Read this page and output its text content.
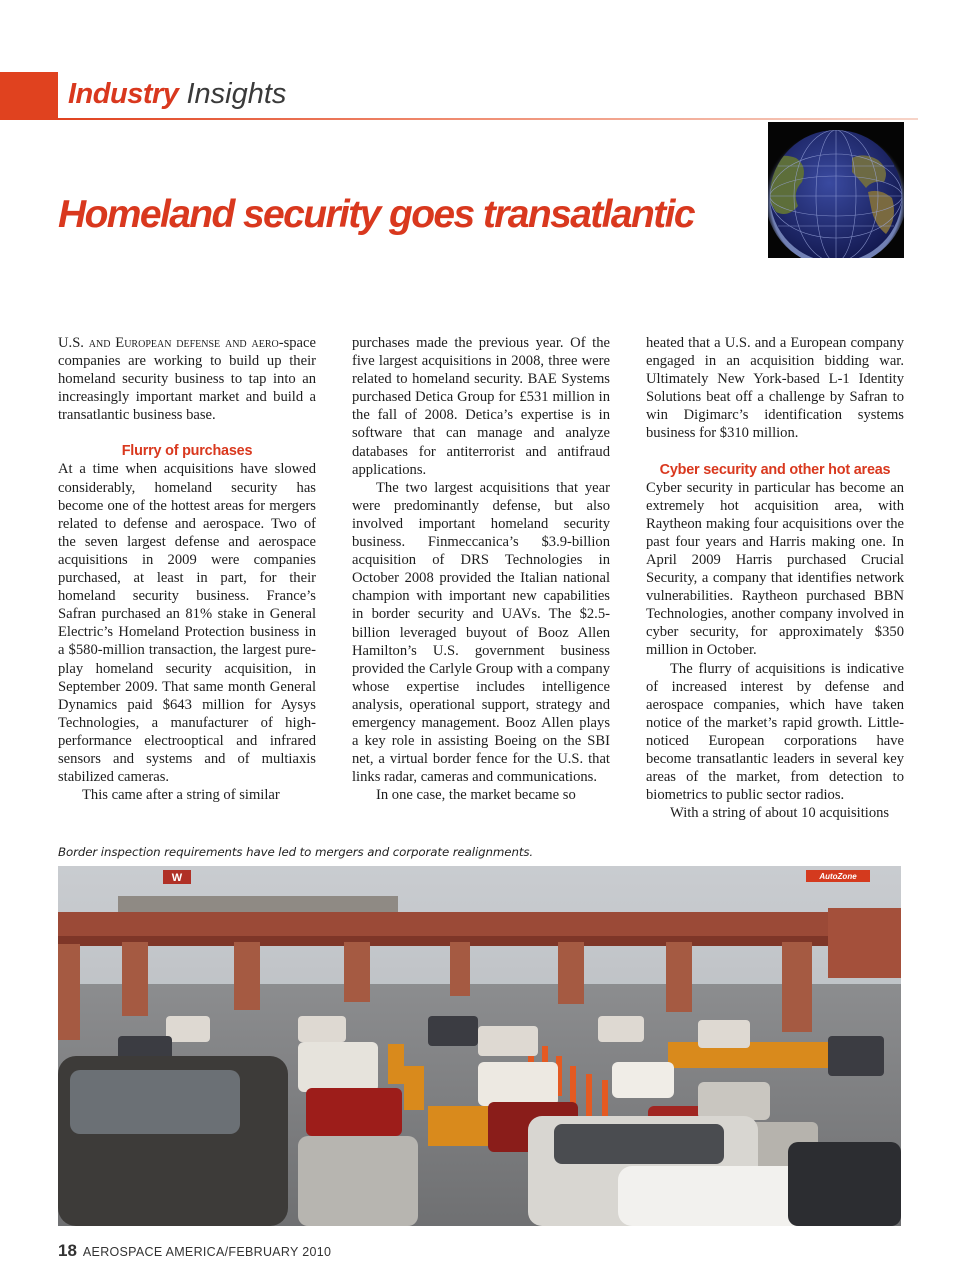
Industry Insights
Homeland security goes transatlantic

U.S. and European defense and aero-space companies are working to build up their homeland security business to tap into an increasingly important market and build a transatlantic business base.

Flurry of purchases

At a time when acquisitions have slowed considerably, homeland security has become one of the hottest areas for mergers related to defense and aerospace. Two of the seven largest defense and aerospace acquisitions in 2009 were companies purchased, at least in part, for their homeland security business. France’s Safran purchased an 81% stake in General Electric’s Homeland Protection business in a $580-million transaction, the largest pure-play homeland security acquisition, in September 2009. That same month General Dynamics paid $643 million for Aysys Technologies, a manufacturer of high-performance electrooptical and infrared sensors and systems and of multiaxis stabilized cameras.

This came after a string of similar

purchases made the previous year. Of the five largest acquisitions in 2008, three were related to homeland security. BAE Systems purchased Detica Group for £531 million in the fall of 2008. Detica’s expertise is in software that can manage and analyze databases for antiterrorist and antifraud applications.

The two largest acquisitions that year were predominantly defense, but also involved important homeland security business. Finmeccanica’s $3.9-billion acquisition of DRS Technologies in October 2008 provided the Italian national champion with important new capabilities in border security and UAVs. The $2.5-billion leveraged buyout of Booz Allen Hamilton’s U.S. government business provided the Carlyle Group with a company whose expertise includes intelligence analysis, operational support, strategy and emergency management. Booz Allen plays a key role in assisting Boeing on the SBI net, a virtual border fence for the U.S. that links radar, cameras and communications.

In one case, the market became so

heated that a U.S. and a European company engaged in an acquisition bidding war. Ultimately New York-based L-1 Identity Solutions beat off a challenge by Safran to win Digimarc’s identification systems business for $310 million.

Cyber security and other hot areas

Cyber security in particular has become an extremely hot acquisition area, with Raytheon making four acquisitions over the past four years and Harris making one. In April 2009 Harris purchased Crucial Security, a company that identifies network vulnerabilities. Raytheon purchased BBN Technologies, another company involved in cyber security, for approximately $350 million in October.

The flurry of acquisitions is indicative of increased interest by defense and aerospace companies, which have taken notice of the market’s rapid growth. Little-noticed European corporations have become transatlantic leaders in several key areas of the market, from detection to biometrics to public sector radios.

With a string of about 10 acquisitions

Border inspection requirements have led to mergers and corporate realignments.
W	AutoZone
18 AEROSPACE AMERICA/FEBRUARY 2010
